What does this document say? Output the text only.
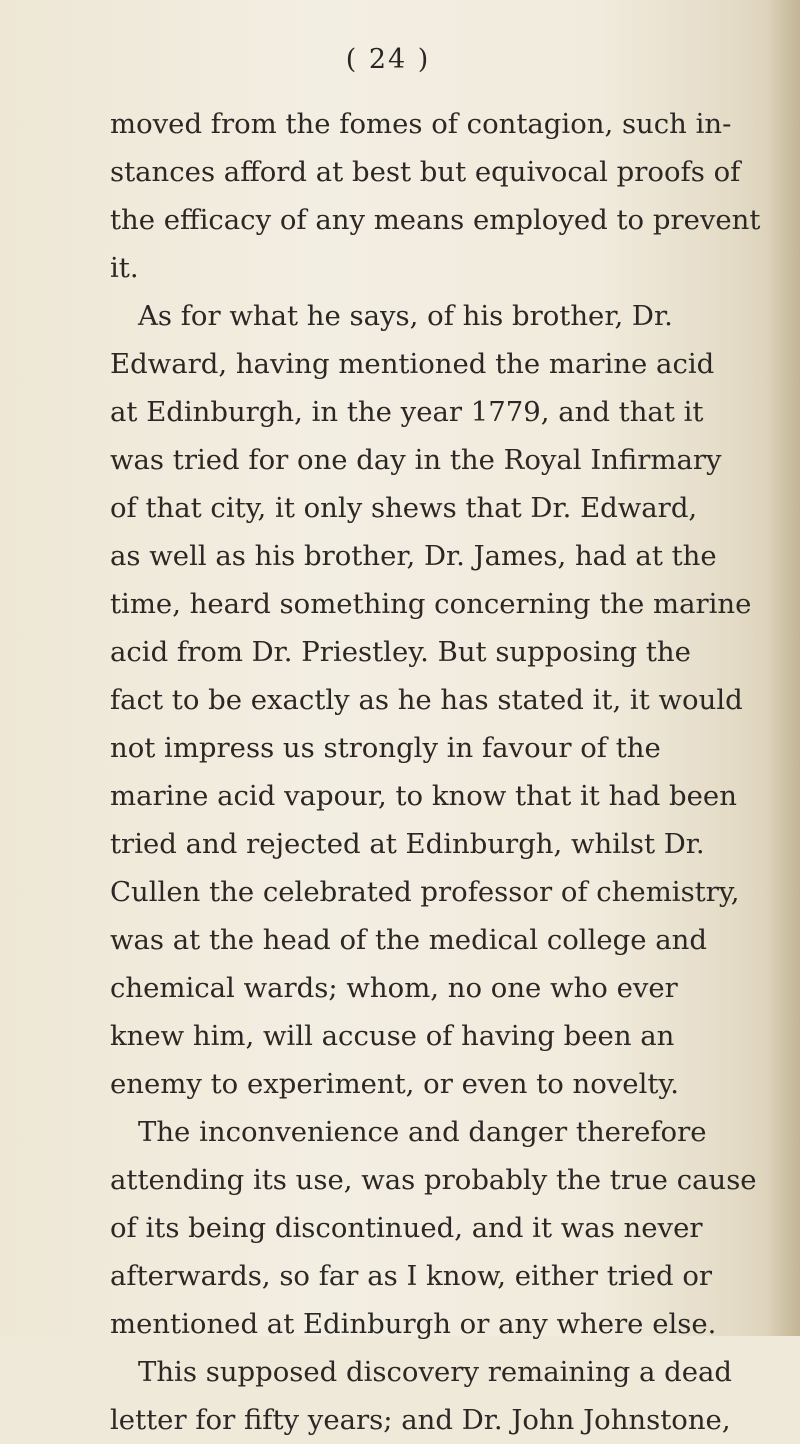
( 24 )
moved from the fomes of contagion, such in-
stances afford at best but equivocal proofs of
the efficacy of any means employed to prevent
it.
As for what he says, of his brother, Dr.
Edward, having mentioned the marine acid
at Edinburgh, in the year 1779, and that it
was tried for one day in the Royal Infirmary
of that city, it only shews that Dr. Edward,
as well as his brother, Dr. James, had at the
time, heard something concerning the marine
acid from Dr. Priestley. But supposing the
fact to be exactly as he has stated it, it would
not impress us strongly in favour of the
marine acid vapour, to know that it had been
tried and rejected at Edinburgh, whilst Dr.
Cullen the celebrated professor of chemistry,
was at the head of the medical college and
chemical wards; whom, no one who ever
knew him, will accuse of having been an
enemy to experiment, or even to novelty.
The inconvenience and danger therefore
attending its use, was probably the true cause
of its being discontinued, and it was never
afterwards, so far as I know, either tried or
mentioned at Edinburgh or any where else.
This supposed discovery remaining a dead
letter for fifty years; and Dr. John Johnstone,
